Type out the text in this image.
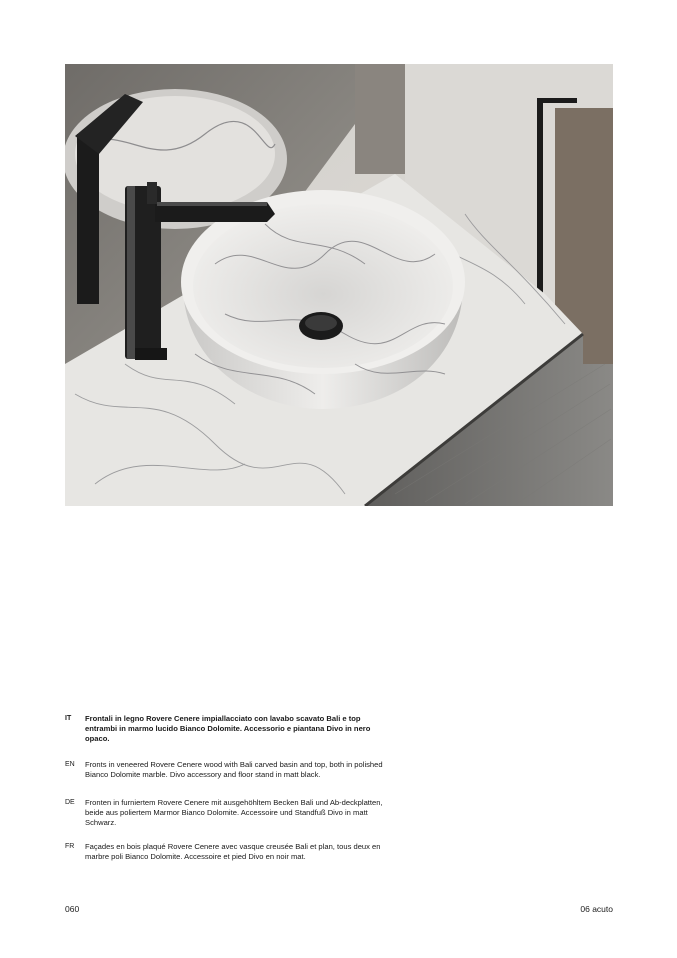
IT Frontali in legno Rovere Cenere impiallacciato con lavabo scavato Bali e top entrambi in marmo lucido Bianco Dolomite. Accessorio e piantana Divo in nero opaco.
EN Fronts in veneered Rovere Cenere wood with Bali carved basin and top, both in polished Bianco Dolomite marble. Divo accessory and floor stand in matt black.
DE Fronten in furniertem Rovere Cenere mit ausgehöhltem Becken Bali und Ab-deckplatten, beide aus poliertem Marmor Bianco Dolomite. Accessoire und Standfuß Divo in matt Schwarz.
FR Façades en bois plaqué Rovere Cenere avec vasque creusée Bali et plan, tous deux en marbre poli Bianco Dolomite. Accessoire et pied Divo en noir mat.
060	06 acuto
